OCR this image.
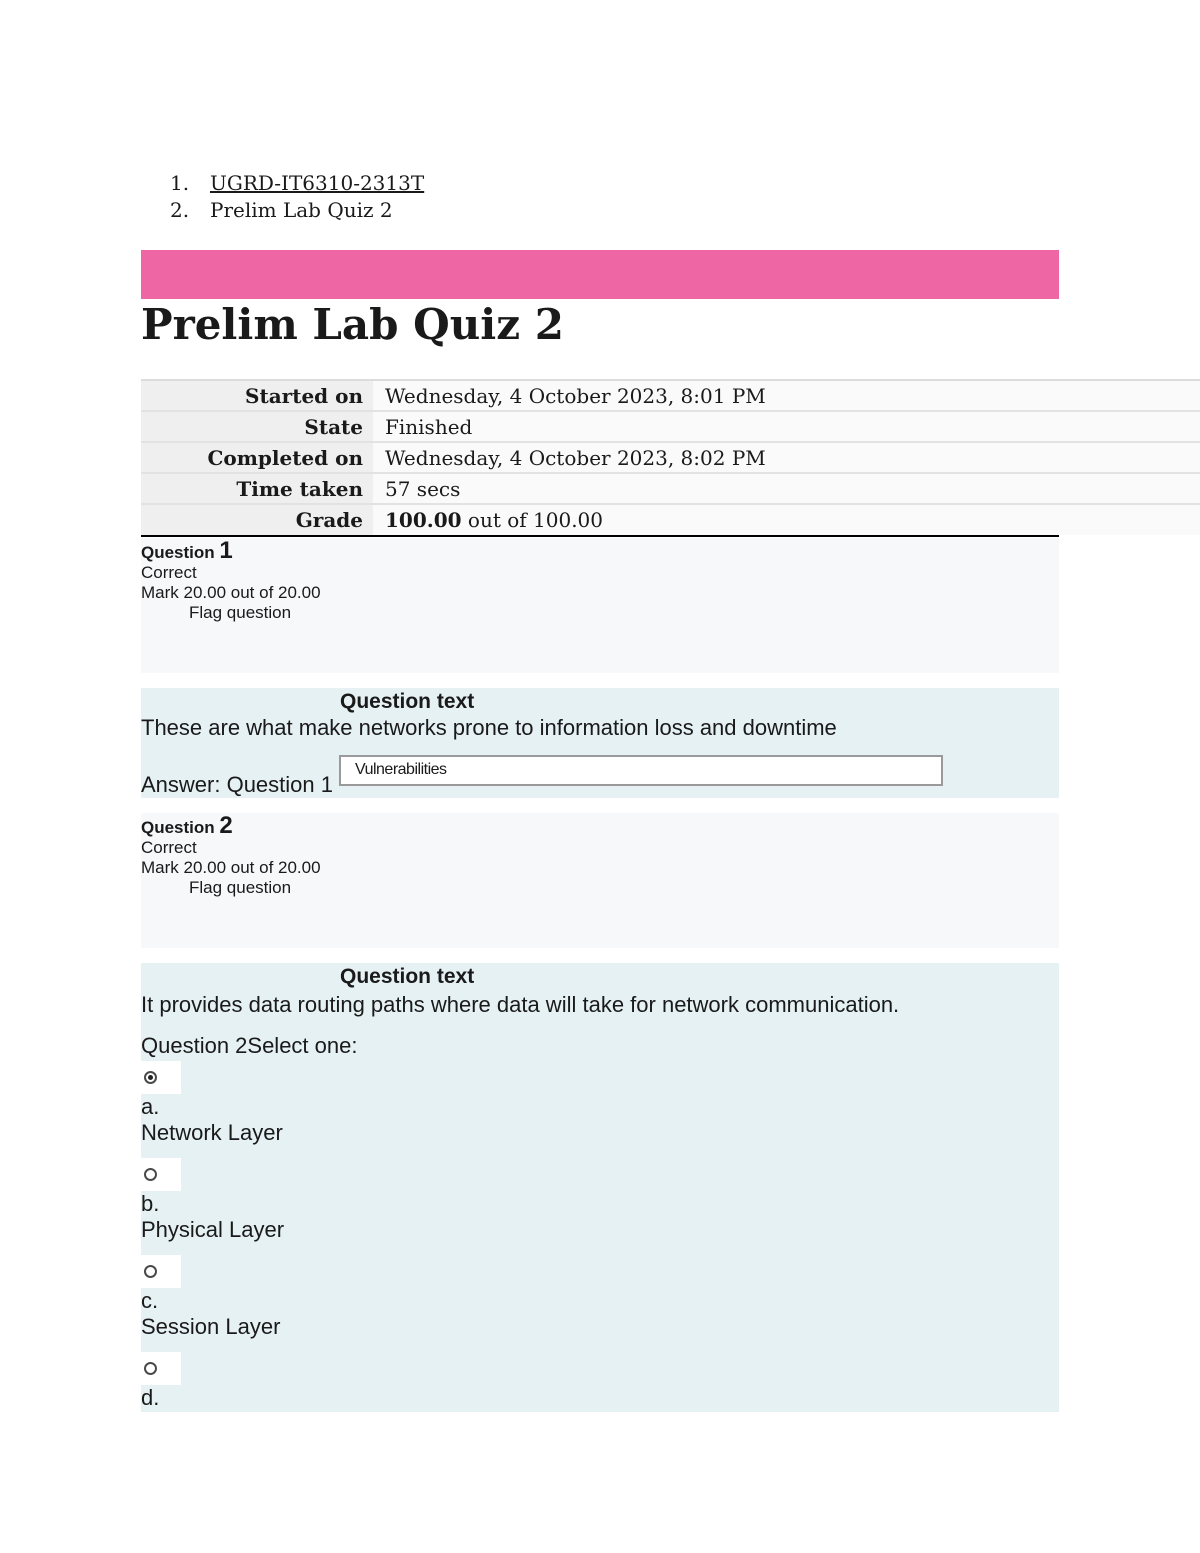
1.	UGRD-IT6310-2313T
2.	Prelim Lab Quiz 2
Prelim Lab Quiz 2
Started on	Wednesday, 4 October 2023, 8:01 PM
State	Finished
Completed on	Wednesday, 4 October 2023, 8:02 PM
Time taken	57 secs
Grade	100.00 out of 100.00
Question 1
Correct
Mark 20.00 out of 20.00
Flag question
Question text
These are what make networks prone to information loss and downtime
Answer: Question 1
Vulnerabilities
Question 2
Correct
Mark 20.00 out of 20.00
Flag question
Question text
It provides data routing paths where data will take for network communication.
Question 2Select one:
a.
Network Layer
b.
Physical Layer
c.
Session Layer
d.
